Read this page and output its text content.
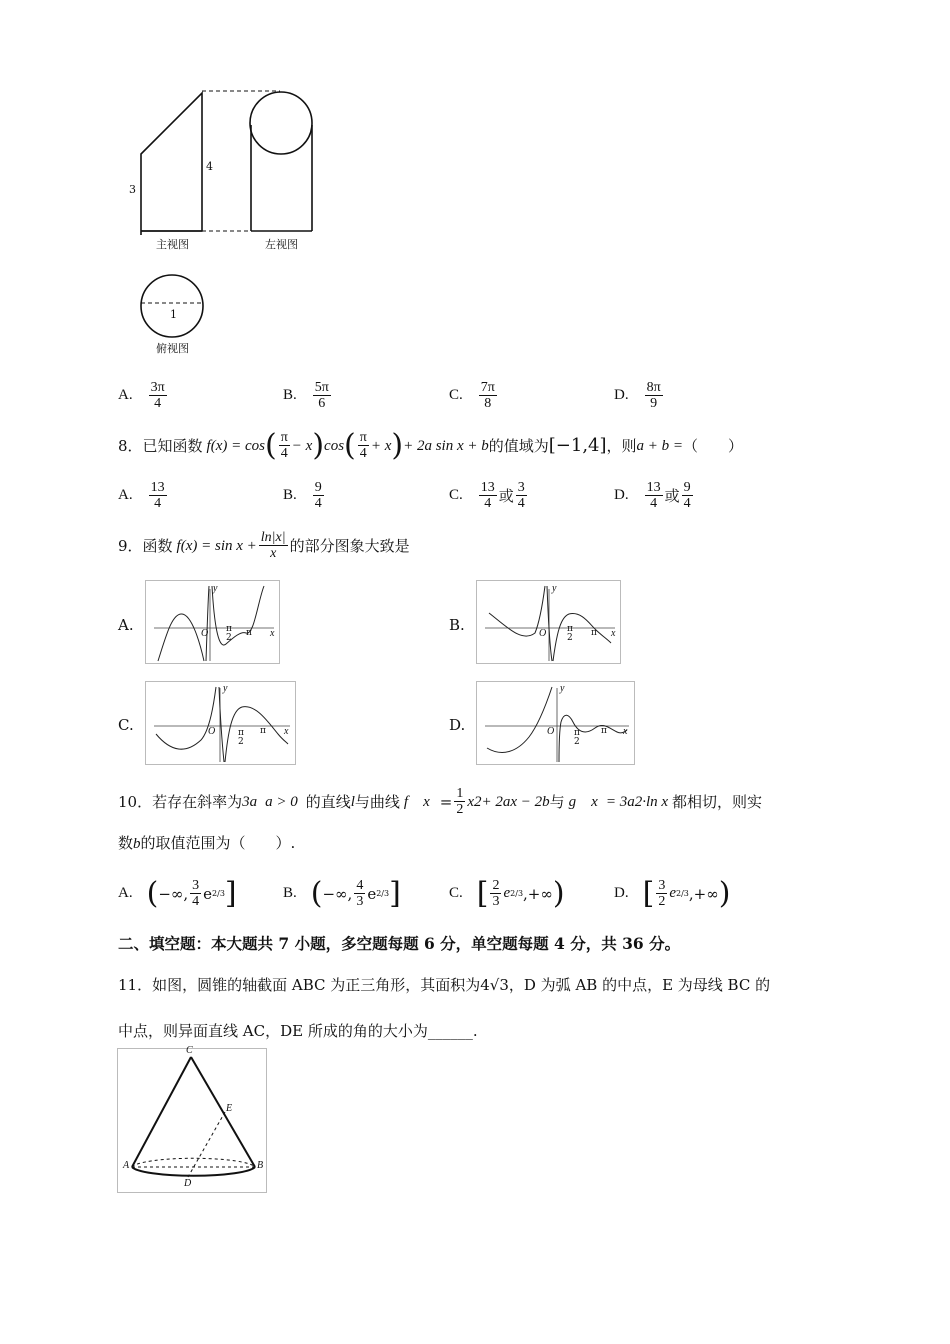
3
4
1
主视图	左视图
俯视图
A. $\frac{3\pi}{4}$	B. $\frac{5\pi}{6}$	C. $\frac{7\pi}{8}$	D. $\frac{8\pi}{9}$
8．已知函数 f(x) = cos ( $\frac{\pi}{4} - x$ ) cos ( $\frac{\pi}{4} + x$ ) + 2a sin x + b 的值域为 [−1,4] ，则 a + b = （　　）
A. $\frac{13}{4}$	B. $\frac{9}{4}$	C. $\frac{13}{4}$ 或 $\frac{3}{4}$	D. $\frac{13}{4}$ 或 $\frac{9}{4}$
9．函数 $f(x) = \sin x + \frac{\ln|x|}{x}$ 的部分图象大致是
A.	B.
C.	D.
y
x
O π
2 π
y
x
O π
2 π
y
x
O	π
2
π
y
x
O π
2
π
10．若存在斜率为 3a a > 0 的直线 l 与曲线 f　$x = \frac{1}{2} x2+ 2ax - 2b$ 与 g　x = 3a2·ln x 都相切，则实
数b的取值范围为（　　）.
A. ( −∞, $\frac{3}{4}$ e 2/3 ]	B. ( −∞, $\frac{4}{3}$ e 2/3 ]	C. [ $\frac{2}{3}$ e 2/3 ,+∞ )	D. [ $\frac{3}{2}$ e 2/3 ,+∞ )
二、填空题：本大题共 7 小题，多空题每题 6 分，单空题每题 4 分，共 36 分。
11．如图，圆锥的轴截面 ABC 为正三角形，其面积为4√3，D 为弧 AB 的中点，E 为母线 BC 的
中点，则异面直线 AC，DE 所成的角的大小为______.
C
E
A	B
D
